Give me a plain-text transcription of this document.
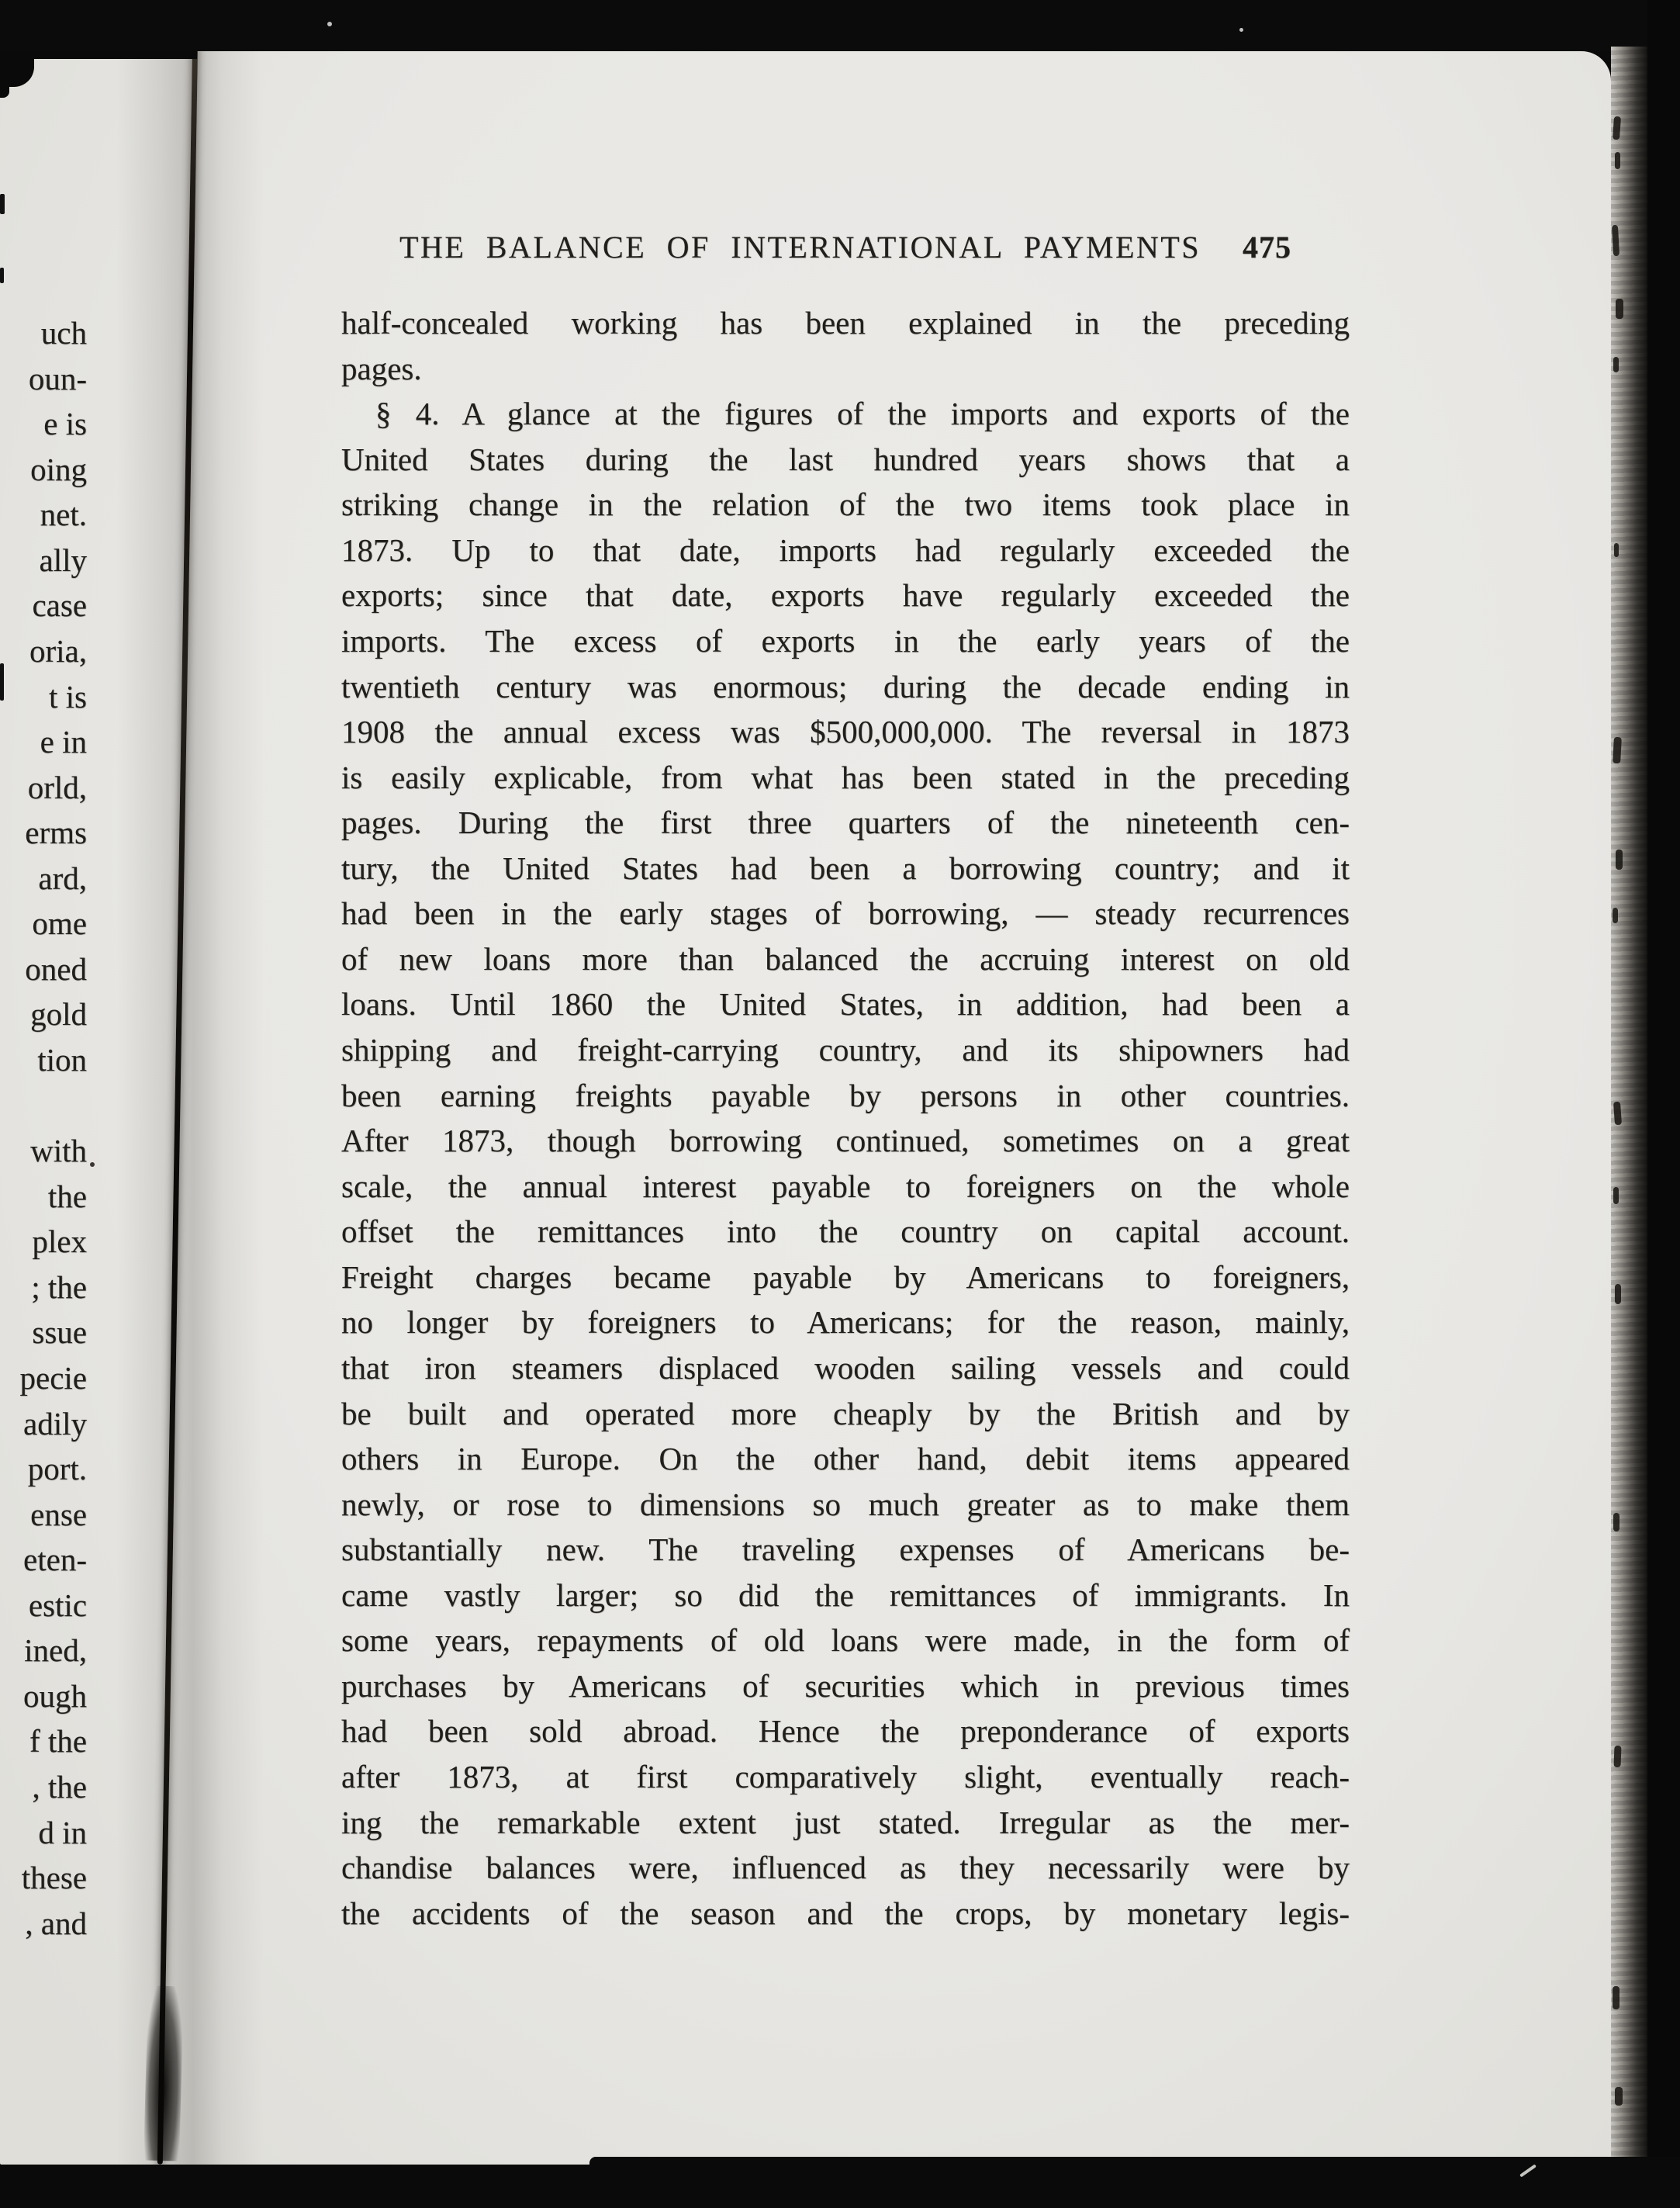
uch
oun-
e is
oing
net.
ally
case
oria,
t is
e in
orld,
erms
ard,
ome
oned
gold
tion
with
the
plex
; the
ssue
pecie
adily
port.
ense
eten-
estic
ined,
ough
f the
, the
d in
these
, and
THE BALANCE OF INTERNATIONAL PAYMENTS 475
half-concealed working has been explained in the preceding
pages.
§ 4. A glance at the figures of the imports and exports of the
United States during the last hundred years shows that a
striking change in the relation of the two items took place in
1873. Up to that date, imports had regularly exceeded the
exports; since that date, exports have regularly exceeded the
imports. The excess of exports in the early years of the
twentieth century was enormous; during the decade ending in
1908 the annual excess was $500,000,000. The reversal in 1873
is easily explicable, from what has been stated in the preceding
pages. During the first three quarters of the nineteenth cen-
tury, the United States had been a borrowing country; and it
had been in the early stages of borrowing, — steady recurrences
of new loans more than balanced the accruing interest on old
loans. Until 1860 the United States, in addition, had been a
shipping and freight-carrying country, and its shipowners had
been earning freights payable by persons in other countries.
After 1873, though borrowing continued, sometimes on a great
scale, the annual interest payable to foreigners on the whole
offset the remittances into the country on capital account.
Freight charges became payable by Americans to foreigners,
no longer by foreigners to Americans; for the reason, mainly,
that iron steamers displaced wooden sailing vessels and could
be built and operated more cheaply by the British and by
others in Europe. On the other hand, debit items appeared
newly, or rose to dimensions so much greater as to make them
substantially new. The traveling expenses of Americans be-
came vastly larger; so did the remittances of immigrants. In
some years, repayments of old loans were made, in the form of
purchases by Americans of securities which in previous times
had been sold abroad. Hence the preponderance of exports
after 1873, at first comparatively slight, eventually reach-
ing the remarkable extent just stated. Irregular as the mer-
chandise balances were, influenced as they necessarily were by
the accidents of the season and the crops, by monetary legis-
